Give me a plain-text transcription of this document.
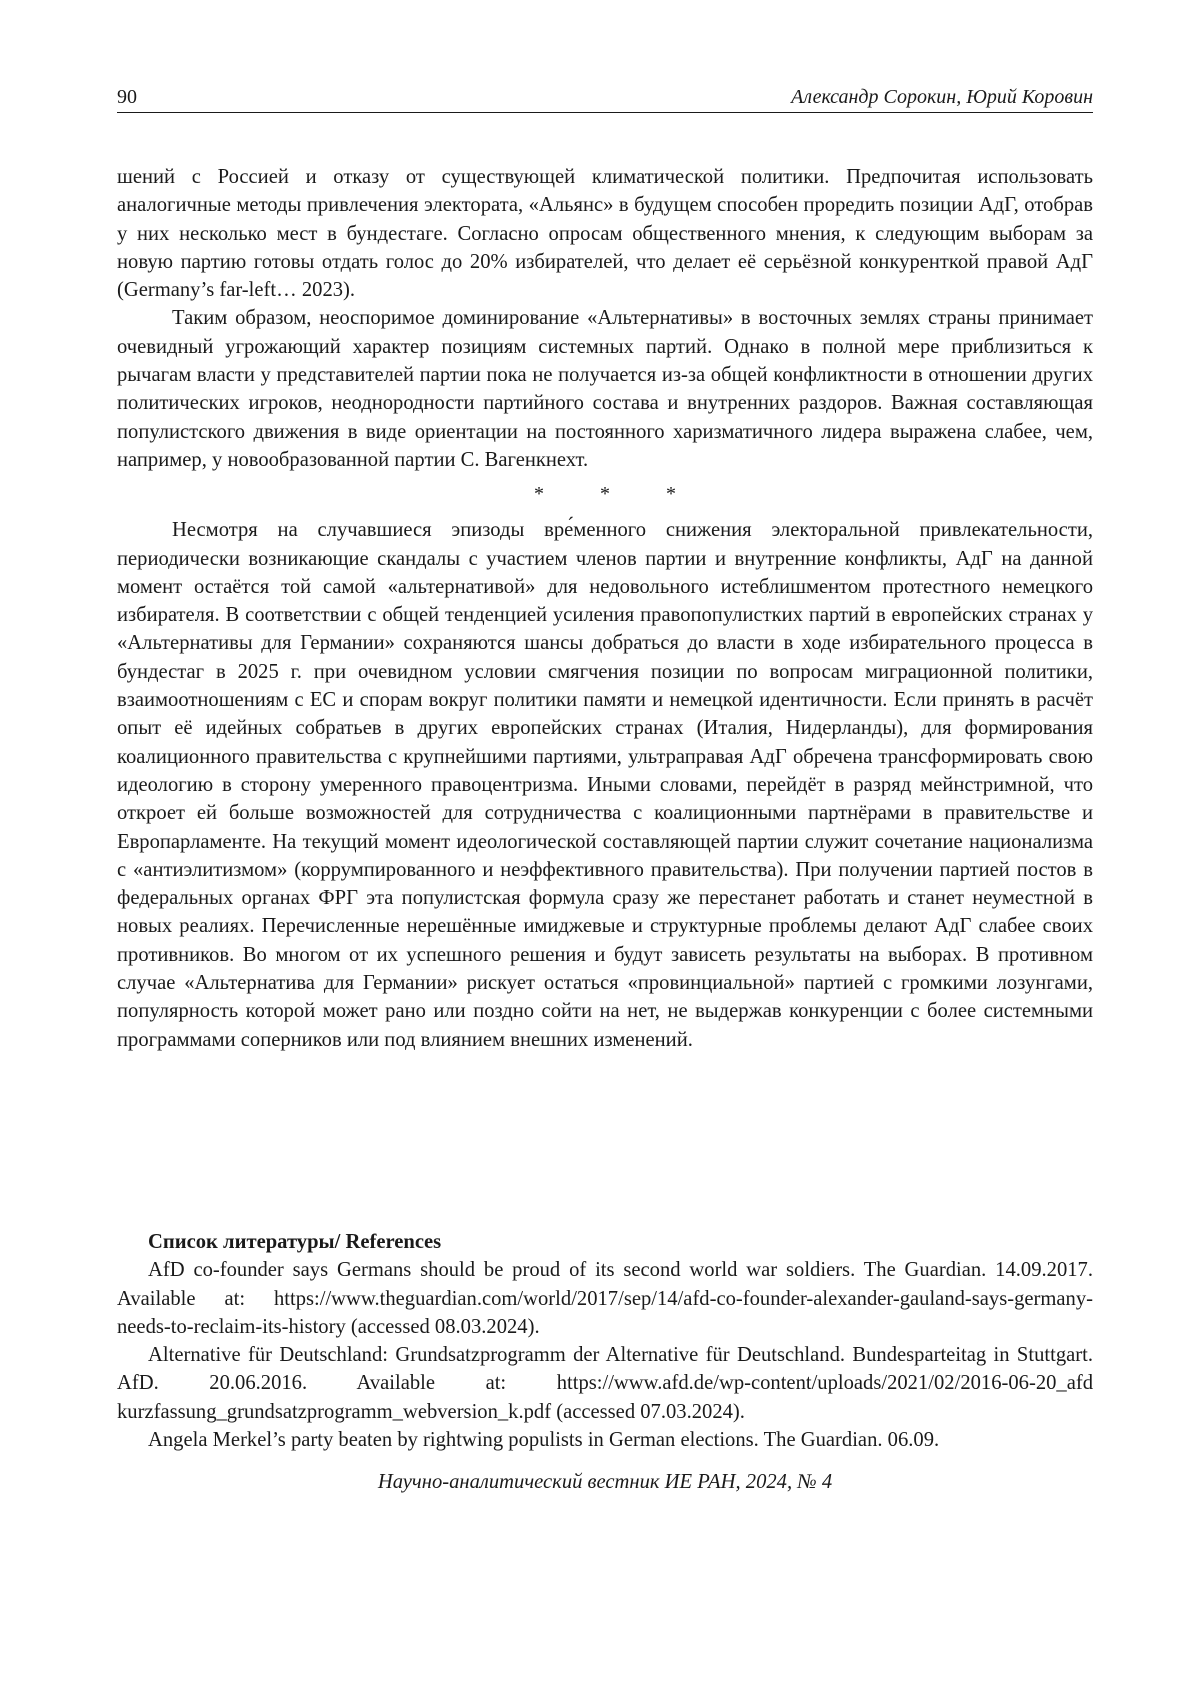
90	Александр Сорокин, Юрий Коровин

шений с Россией и отказу от существующей климатической политики. Предпочитая использовать аналогичные методы привлечения электората, «Альянс» в будущем способен проредить позиции АдГ, отобрав у них несколько мест в бундестаге. Согласно опросам общественного мнения, к следующим выборам за новую партию готовы отдать голос до 20% избирателей, что делает её серьёзной конкуренткой правой АдГ (Germany’s far-left… 2023).

Таким образом, неоспоримое доминирование «Альтернативы» в восточных землях страны принимает очевидный угрожающий характер позициям системных партий. Однако в полной мере приблизиться к рычагам власти у представителей партии пока не получается из-за общей конфликтности в отношении других политических игроков, неоднородности партийного состава и внутренних раздоров. Важная составляющая популистского движения в виде ориентации на постоянного харизматичного лидера выражена слабее, чем, например, у новообразованной партии С. Вагенкнехт.

*	*	*

Несмотря на случавшиеся эпизоды вре́менного снижения электоральной привлекательности, периодически возникающие скандалы с участием членов партии и внутренние конфликты, АдГ на данной момент остаётся той самой «альтернативой» для недовольного истеблишментом протестного немецкого избирателя. В соответствии с общей тенденцией усиления правопопулистких партий в европейских странах у «Альтернативы для Германии» сохраняются шансы добраться до власти в ходе избирательного процесса в бундестаг в 2025 г. при очевидном условии смягчения позиции по вопросам миграционной политики, взаимоотношениям с ЕС и спорам вокруг политики памяти и немецкой идентичности. Если принять в расчёт опыт её идейных собратьев в других европейских странах (Италия, Нидерланды), для формирования коалиционного правительства с крупнейшими партиями, ультраправая АдГ обречена трансформировать свою идеологию в сторону умеренного правоцентризма. Иными словами, перейдёт в разряд мейнстримной, что откроет ей больше возможностей для сотрудничества с коалиционными партнёрами в правительстве и Европарламенте. На текущий момент идеологической составляющей партии служит сочетание национализма с «антиэлитизмом» (коррумпированного и неэффективного правительства). При получении партией постов в федеральных органах ФРГ эта популистская формула сразу же перестанет работать и станет неуместной в новых реалиях. Перечисленные нерешённые имиджевые и структурные проблемы делают АдГ слабее своих противников. Во многом от их успешного решения и будут зависеть результаты на выборах. В противном случае «Альтернатива для Германии» рискует остаться «провинциальной» партией с громкими лозунгами, популярность которой может рано или поздно сойти на нет, не выдержав конкуренции с более системными программами соперников или под влиянием внешних изменений.

Список литературы/ References

AfD co-founder says Germans should be proud of its second world war soldiers. The Guardian. 14.09.2017. Available at: https://www.theguardian.com/world/2017/sep/14/afd-co-founder-alexander-gauland-says-germany-needs-to-reclaim-its-history (accessed 08.03.2024).

Alternative für Deutschland: Grundsatzprogramm der Alternative für Deutschland. Bundesparteitag in Stuttgart. AfD. 20.06.2016. Available at: https://www.afd.de/wp-content/uploads/2021/02/2016-06-20_afd kurzfassung_grundsatzprogramm_webversion_k.pdf (accessed 07.03.2024).

Angela Merkel’s party beaten by rightwing populists in German elections. The Guardian. 06.09.

Научно-аналитический вестник ИЕ РАН, 2024, № 4
